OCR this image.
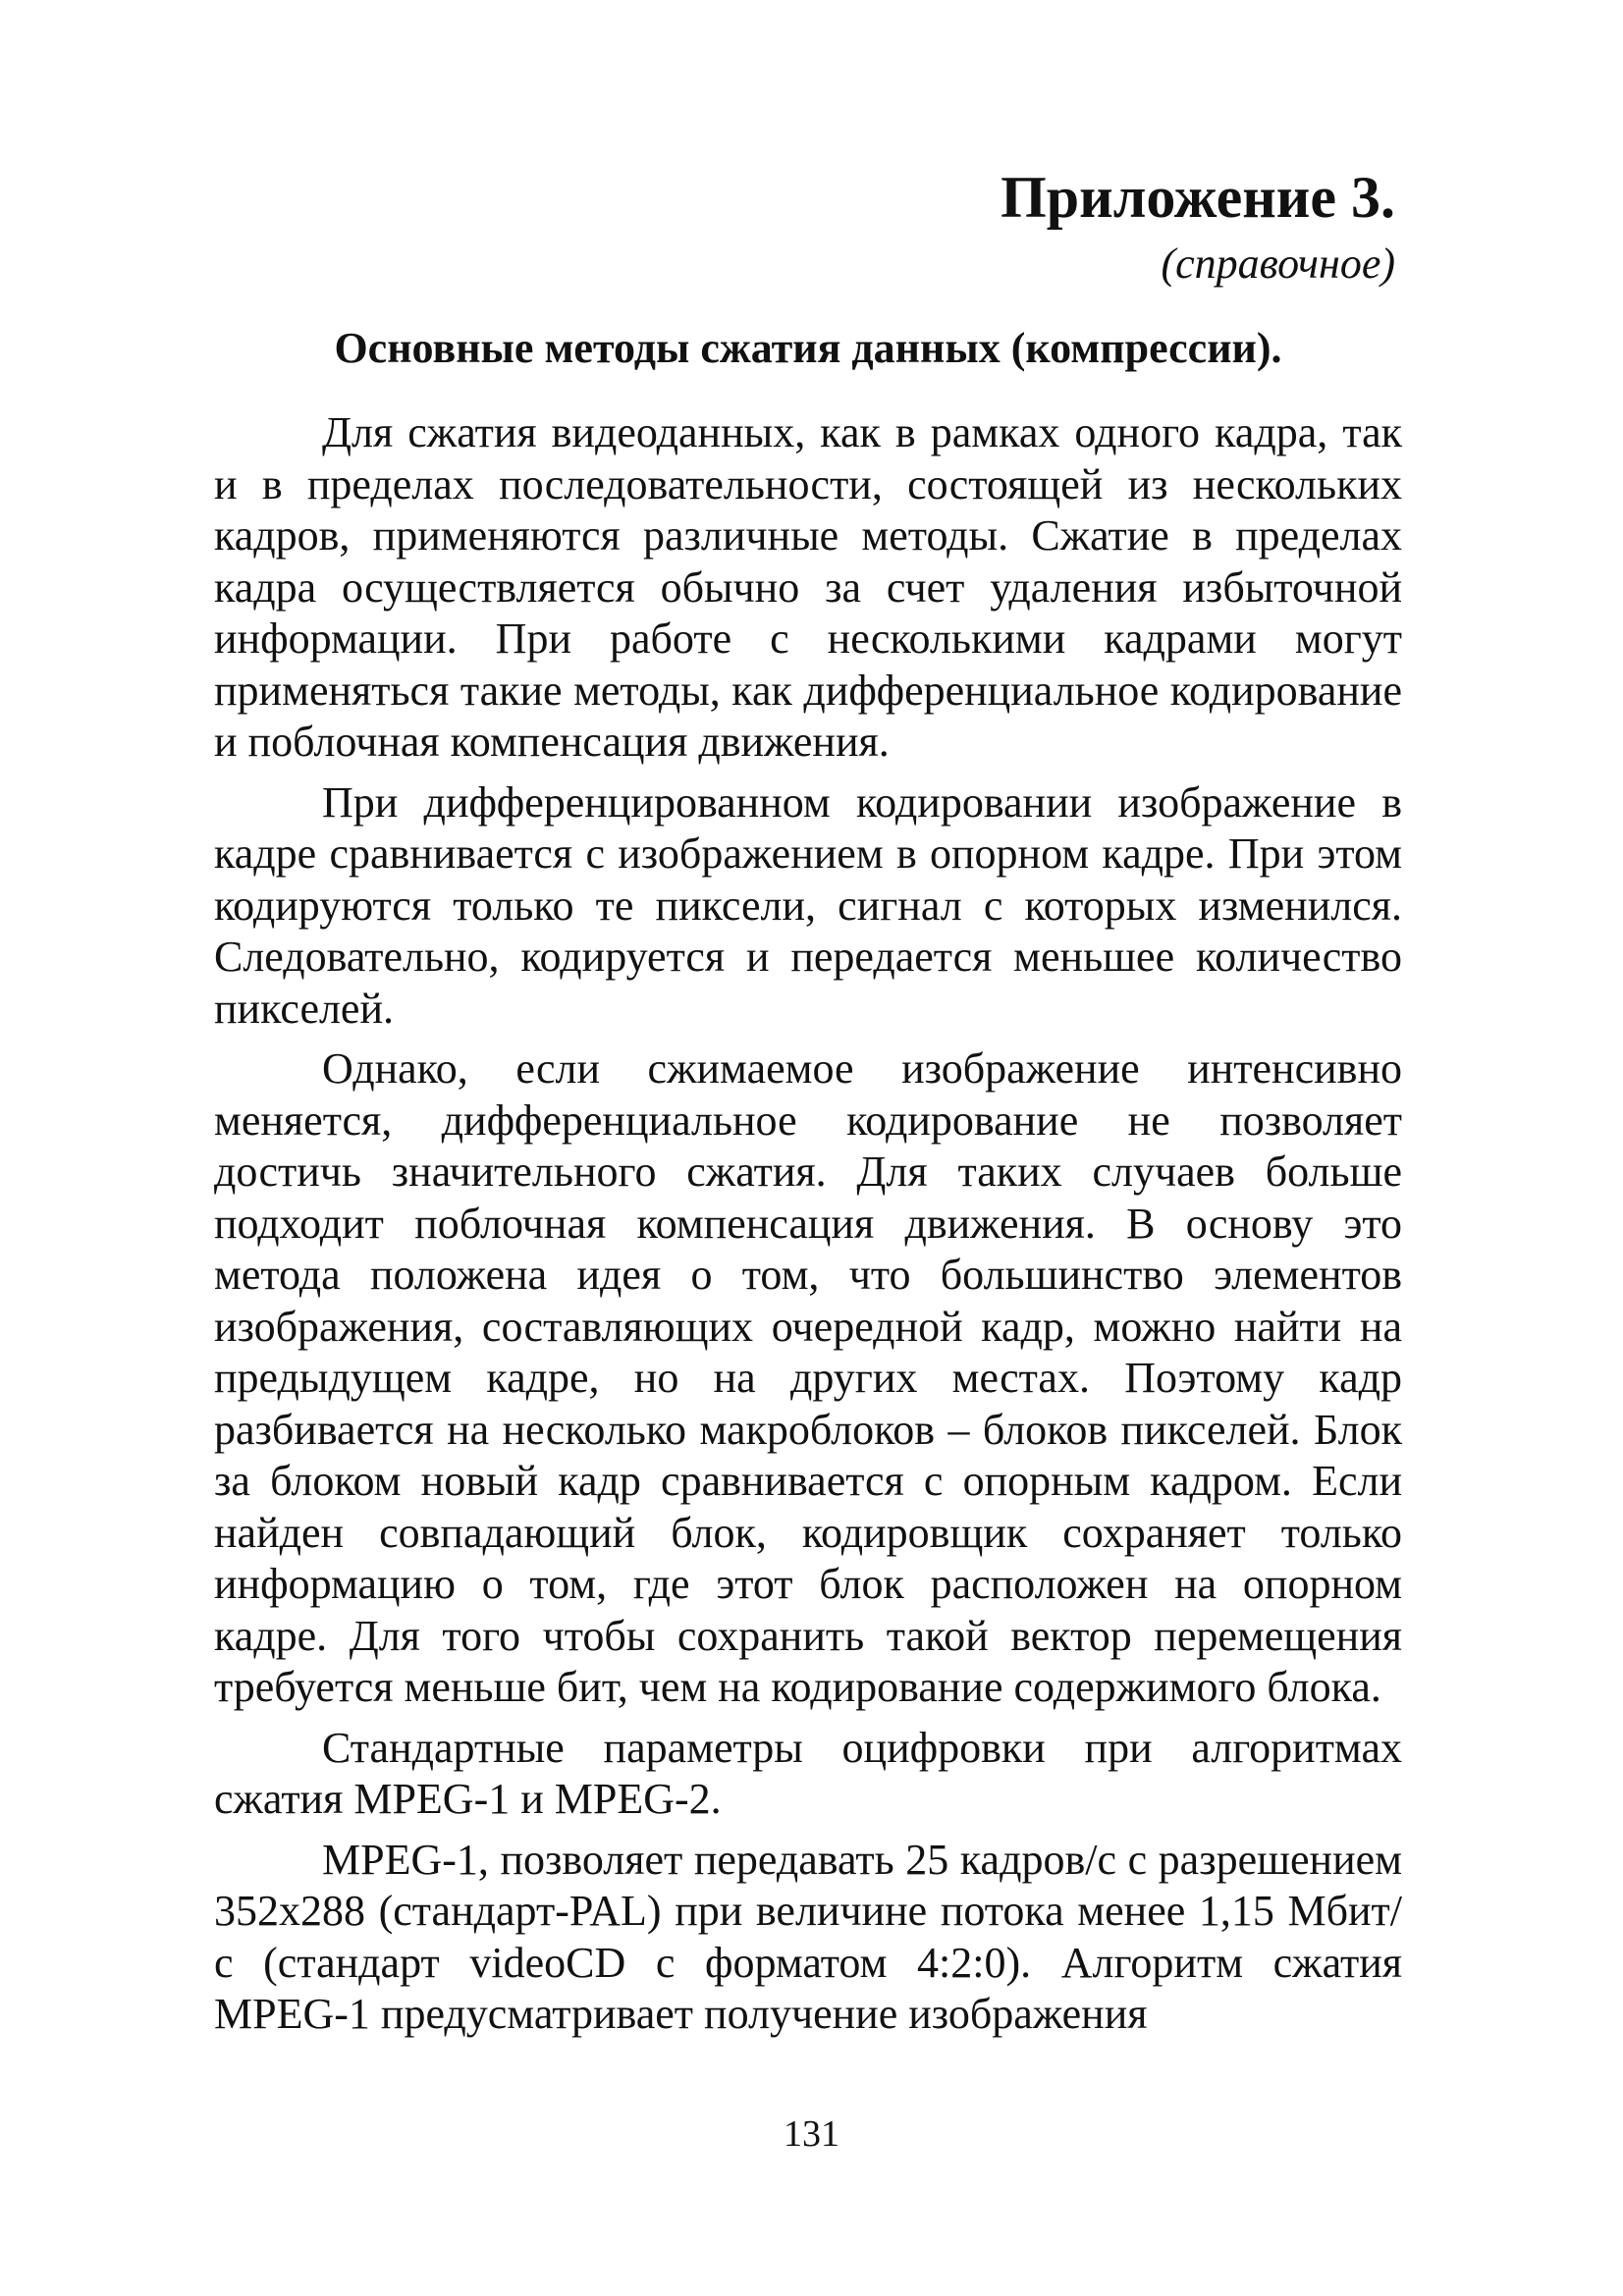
Приложение 3.
(справочное)
Основные методы сжатия данных (компрессии).

Для сжатия видеоданных, как в рамках одного кадра, так и в пределах последовательности, состоящей из нескольких кадров, применяются различные методы. Сжатие в пределах кадра осуществляется обычно за счет удаления избыточной информации. При работе с несколькими кадрами могут применяться такие методы, как дифференциальное кодирование и поблочная компенсация движения.

При дифференцированном кодировании изображение в кадре сравнивается с изображением в опорном кадре. При этом кодируются только те пиксели, сигнал с которых изменился. Следовательно, кодируется и передается меньшее количество пикселей.

Однако, если сжимаемое изображение интенсивно меняется, дифференциальное кодирование не позволяет достичь значительного сжатия. Для таких случаев больше подходит поблочная компенсация движения. В основу это метода положена идея о том, что большинство элементов изображения, составляющих очередной кадр, можно найти на предыдущем кадре, но на других местах. Поэтому кадр разбивается на несколько макроблоков – блоков пикселей. Блок за блоком новый кадр сравнивается с опорным кадром. Если найден совпадающий блок, кодировщик сохраняет только информацию о том, где этот блок расположен на опорном кадре. Для того чтобы сохранить такой вектор перемещения требуется меньше бит, чем на кодирование содержимого блока.

Стандартные параметры оцифровки при алгоритмах сжатия MPEG-1 и MPEG-2.

MPEG-1, позволяет передавать 25 кадров/с с разрешением 352x288 (стандарт-PAL) при величине потока менее 1,15 Мбит/с (стандарт videoCD с форматом 4:2:0). Алгоритм сжатия MPEG-1 предусматривает получение изображения

131
